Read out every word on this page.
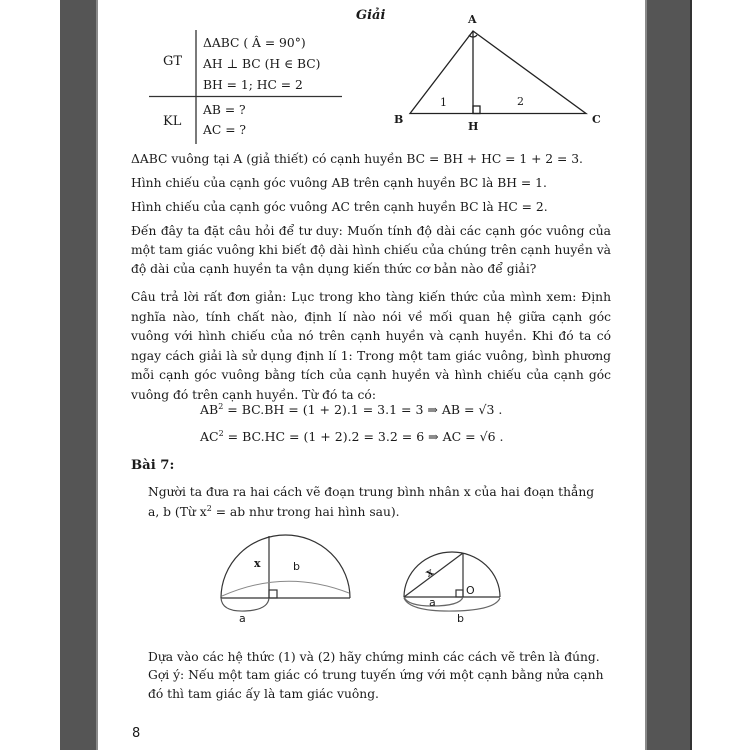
Giải
GT
ΔABC ( Â = 90°)
AH ⊥ BC (H ∈ BC)
BH = 1; HC = 2
KL
AB = ?
AC = ?
A
B
H
C
1	2
ΔABC vuông tại A (giả thiết) có cạnh huyền BC = BH + HC = 1 + 2 = 3.
Hình chiếu của cạnh góc vuông AB trên cạnh huyền BC là BH = 1.
Hình chiếu của cạnh góc vuông AC trên cạnh huyền BC là HC = 2.
Đến đây ta đặt câu hỏi để tư duy: Muốn tính độ dài các cạnh góc vuông của một tam giác vuông khi biết độ dài hình chiếu của chúng trên cạnh huyền và độ dài của cạnh huyền ta vận dụng kiến thức cơ bản nào để giải?
Câu trả lời rất đơn giản: Lục trong kho tàng kiến thức của mình xem: Định nghĩa nào, tính chất nào, định lí nào nói về mối quan hệ giữa cạnh góc vuông với hình chiếu của nó trên cạnh huyền và cạnh huyền. Khi đó ta có ngay cách giải là sử dụng định lí 1: Trong một tam giác vuông, bình phương mỗi cạnh góc vuông bằng tích của cạnh huyền và hình chiếu của cạnh góc vuông đó trên cạnh huyền. Từ đó ta có:
$AB^2 = BC.BH = (1 + 2).1 = 3.1 = 3$ ⇒ AB = √3 .
$AC^2 = BC.HC = (1 + 2).2 = 3.2 = 6$ ⇒ AC = √6 .
Bài 7:
Người ta đưa ra hai cách vẽ đoạn trung bình nhân x của hai đoạn thẳng
a, b (Từ $x^2$ = ab như trong hai hình sau).
x	b
a
x
O
a
b
Dựa vào các hệ thức (1) và (2) hãy chứng minh các cách vẽ trên là đúng.
Gợi ý: Nếu một tam giác có trung tuyến ứng với một cạnh bằng nửa cạnh
đó thì tam giác ấy là tam giác vuông.
8
